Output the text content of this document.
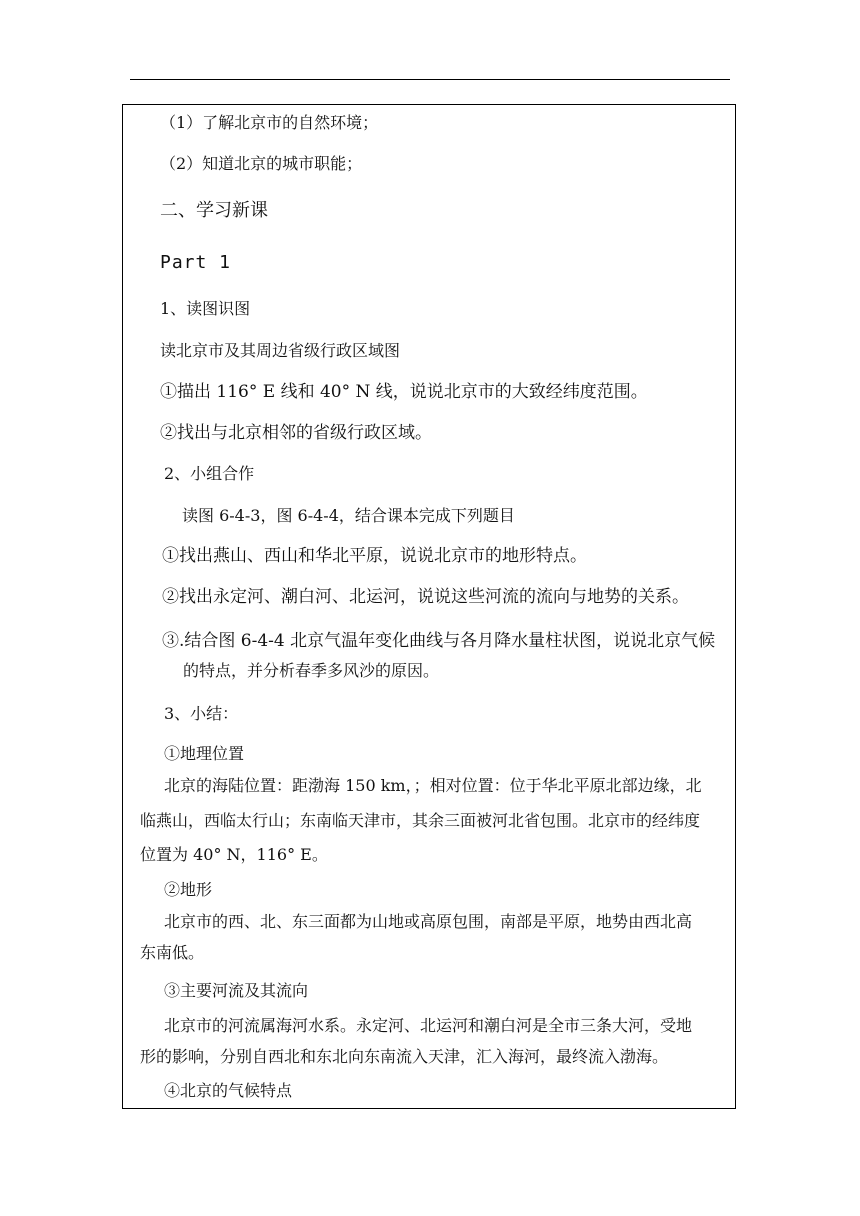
（1）了解北京市的自然环境；
（2）知道北京的城市职能；
二、学习新课
Part 1
1、读图识图
读北京市及其周边省级行政区域图
①描出 116° E 线和 40° N 线，说说北京市的大致经纬度范围。
②找出与北京相邻的省级行政区域。
2、小组合作
读图 6-4-3，图 6-4-4，结合课本完成下列题目
①找出燕山、西山和华北平原，说说北京市的地形特点。
②找出永定河、潮白河、北运河，说说这些河流的流向与地势的关系。
③.结合图 6-4-4 北京气温年变化曲线与各月降水量柱状图，说说北京气候
的特点，并分析春季多风沙的原因。
3、小结：
①地理位置
北京的海陆位置：距渤海 150 km，；相对位置：位于华北平原北部边缘，北
临燕山，西临太行山；东南临天津市，其余三面被河北省包围。北京市的经纬度
位置为 40° N，116° E。
②地形
北京市的西、北、东三面都为山地或高原包围，南部是平原，地势由西北高
东南低。
③主要河流及其流向
北京市的河流属海河水系。永定河、北运河和潮白河是全市三条大河，受地
形的影响，分别自西北和东北向东南流入天津，汇入海河，最终流入渤海。
④北京的气候特点
